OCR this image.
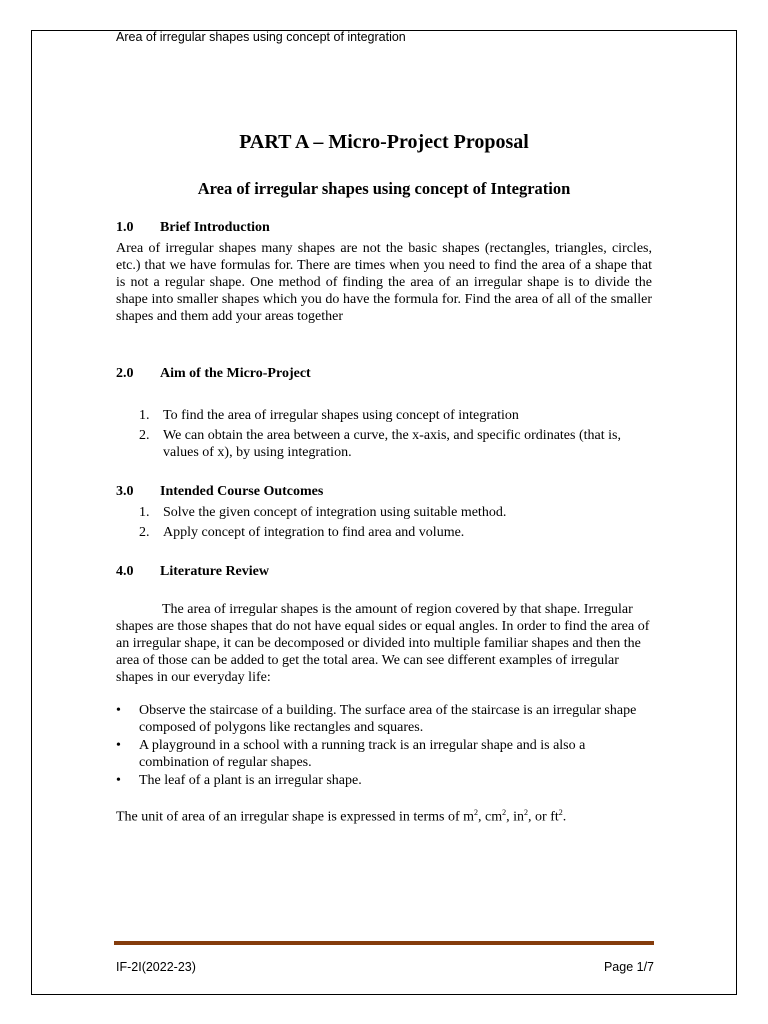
Area of irregular shapes using concept of integration
PART A – Micro-Project Proposal
Area of irregular shapes using concept of Integration
1.0 Brief Introduction

Area of irregular shapes many shapes are not the basic shapes (rectangles, triangles, circles, etc.) that we have formulas for. There are times when you need to find the area of a shape that is not a regular shape. One method of finding the area of an irregular shape is to divide the shape into smaller shapes which you do have the formula for. Find the area of all of the smaller shapes and them add your areas together

2.0 Aim of the Micro-Project
1. To find the area of irregular shapes using concept of integration
2. We can obtain the area between a curve, the x-axis, and specific ordinates (that is, values of x), by using integration.
3.0 Intended Course Outcomes
1. Solve the given concept of integration using suitable method.
2. Apply concept of integration to find area and volume.
4.0 Literature Review

The area of irregular shapes is the amount of region covered by that shape. Irregular shapes are those shapes that do not have equal sides or equal angles. In order to find the area of an irregular shape, it can be decomposed or divided into multiple familiar shapes and then the area of those can be added to get the total area. We can see different examples of irregular shapes in our everyday life:

• Observe the staircase of a building. The surface area of the staircase is an irregular shape composed of polygons like rectangles and squares.
• A playground in a school with a running track is an irregular shape and is also a combination of regular shapes.
• The leaf of a plant is an irregular shape.

The unit of area of an irregular shape is expressed in terms of $m^2$, $cm^2$, $in^2$, or $ft^2$.

IF-2I(2022-23)	Page 1/7
